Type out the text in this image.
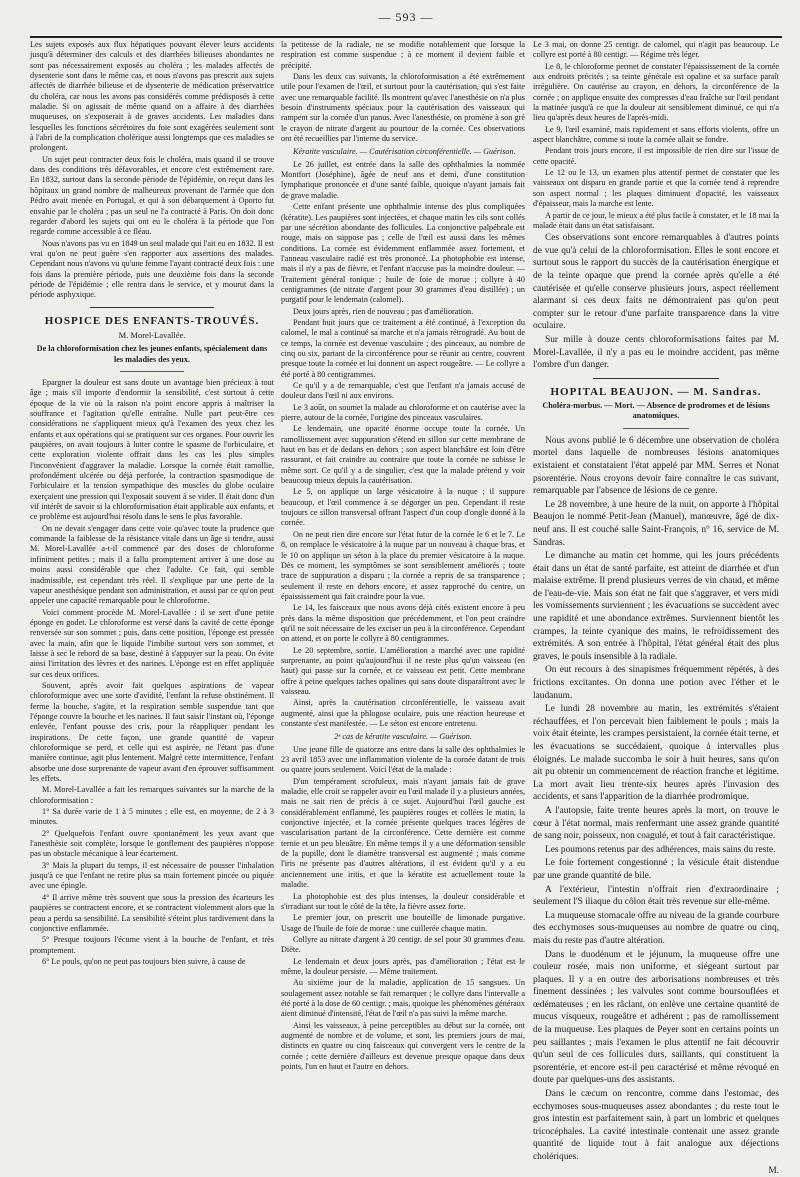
— 593 —

Les sujets exposés aux flux hépatiques pouvant élever leurs accidents jusqu'à déterminer des calculs et des diarrhées bilieuses abondantes ne sont pas nécessairement exposés au choléra ; les malades affectés de dysenterie sont dans le même cas, et nous n'avons pas prescrit aux sujets affectés de diarrhée bilieuse et de dysenterie de médication préservatrice du choléra, car nous les avons pas considérés comme prédisposés à cette maladie. Si on agissait de même quand on a affaire à des diarrhées muqueuses, on s'exposerait à de graves accidents. Les maladies dans lesquelles les fonctions sécrétoires du foie sont exagérées seulement sont à l'abri de la complication cholérique aussi longtemps que ces maladies se prolongent.

Un sujet peut contracter deux fois le choléra, mais quand il se trouve dans des conditions très défavorables, et encore c'est extrêmement rare. En 1832, surtout dans la seconde période de l'épidémie, on reçut dans les hôpitaux un grand nombre de malheureux provenant de l'armée que don Pédro avait menée en Portugal, et qui à son débarquement à Oporto fut envahie par le choléra ; pas un seul ne l'a contracté à Paris. On doit donc regarder d'abord les sujets qui ont eu le choléra à la période que l'on regarde comme accessible à ce fléau.

Nous n'avons pas vu en 1849 un seul malade qui l'ait eu en 1832. Il est vrai qu'on ne peut guère s'en rapporter aux assertions des malades. Cependant nous n'avons vu qu'une femme l'ayant contracté deux fois : une fois dans la première période, puis une deuxième fois dans la seconde période de l'épidémie ; elle rentra dans le service, et y mourut dans la période asphyxique.

HOSPICE DES ENFANTS-TROUVÉS.
M. Morel-Lavallée.
De la chloroformisation chez les jeunes enfants, spécialement dans les maladies des yeux.

Epargner la douleur est sans doute un avantage bien précieux à tout âge ; mais s'il importe d'endormir la sensibilité, c'est surtout à cette époque de la vie où la raison n'a point encore appris à maîtriser la souffrance et l'agitation qu'elle entraîne. Nulle part peut-être ces considérations ne s'appliquent mieux qu'à l'examen des yeux chez les enfants et aux opérations qui se pratiquent sur ces organes. Pour ouvrir les paupières, on avait toujours à lutter contre le spasme de l'orbiculaire, et cette exploration violente offrait dans les cas les plus simples l'inconvénient d'aggraver la maladie. Lorsque la cornée était ramollie, profondément ulcérée ou déjà perforée, la contraction spasmodique de l'orbiculaire et la tension sympathique des muscles du globe oculaire exerçaient une pression qui l'exposait souvent à se vider. Il était donc d'un vif intérêt de savoir si la chloroformisation était applicable aux enfants, et ce problème est aujourd'hui résolu dans le sens le plus favorable.

On ne devait s'engager dans cette voie qu'avec toute la prudence que commande la faiblesse de la résistance vitale dans un âge si tendre, aussi M. Morel-Lavallée a-t-il commencé par des doses de chloroforme infiniment petites ; mais il a fallu promptement arriver à une dose au moins aussi considérable que chez l'adulte. Ce fait, qui semble inadmissible, est cependant très réel. Il s'explique par une perte de la vapeur anesthésique pendant son administration, et aussi par ce qu'on peut appeler une capacité remarquable pour le chloroforme.

Voici comment procède M. Morel-Lavallée : il se sert d'une petite éponge en godet. Le chloroforme est versé dans la cavité de cette éponge renversée sur son sommet ; puis, dans cette position, l'éponge est pressée avec la main, afin que le liquide l'imbibe surtout vers son sommet, et laisse à sec le rebord de sa base, destiné à s'appuyer sur la peau. On évite ainsi l'irritation des lèvres et des narines. L'éponge est en effet appliquée sur ces deux orifices.

Souvent, après avoir fait quelques aspirations de vapeur chloroformique avec une sorte d'avidité, l'enfant la refuse obstinément. Il ferme la bouche, s'agite, et la respiration semble suspendue tant que l'éponge couvre la bouche et les narines. Il faut saisir l'instant où, l'éponge enlevée, l'enfant pousse des cris, pour la réappliquer pendant les inspirations. De cette façon, une grande quantité de vapeur chloroformique se perd, et celle qui est aspirée, ne l'étant pas d'une manière continue, agit plus lentement. Malgré cette intermittence, l'enfant absorbe une dose surprenante de vapeur avant d'en éprouver suffisamment les effets.

M. Morel-Lavallée a fait les remarques suivantes sur la marche de la chloroformisation :

1° Sa durée varie de 1 à 5 minutes ; elle est, en moyenne, de 2 à 3 minutes.

2° Quelquefois l'enfant ouvre spontanément les yeux avant que l'anesthésie soit complète, lorsque le gonflement des paupières n'oppose pas un obstacle mécanique à leur écartement.

3° Mais la plupart du temps, il est nécessaire de pousser l'inhalation jusqu'à ce que l'enfant ne retire plus sa main fortement pincée ou piquée avec une épingle.

4° Il arrive même très souvent que sous la pression des écarteurs les paupières se contractent encore, et se contractent violemment alors que la peau a perdu sa sensibilité. La sensibilité s'éteint plus tardivement dans la conjonctive enflammée.

5° Presque toujours l'écume vient à la bouche de l'enfant, et très promptement.

6° Le pouls, qu'on ne peut pas toujours bien suivre, à cause de

la petitesse de la radiale, ne se modifie notablement que lorsque la respiration est comme suspendue ; à ce moment il devient faible et précipité.

Dans les deux cas suivants, la chloroformisation a été extrêmement utile pour l'examen de l'œil, et surtout pour la cautérisation, qui s'est faite avec une remarquable facilité. Ils montrent qu'avec l'anesthésie on n'a plus besoin d'instruments spéciaux pour la cautérisation des vaisseaux qui rampent sur la cornée d'un panus. Avec l'anesthésie, on promène à son gré le crayon de nitrate d'argent au pourtour de la cornée. Ces observations ont été recueillies par l'interne du service.

Kératite vasculaire. — Cautérisation circonférentielle. — Guérison.

Le 26 juillet, est entrée dans la salle des ophthalmies la nommée Montfort (Joséphine), âgée de neuf ans et demi, d'une constitution lymphatique prononcée et d'une santé faible, quoique n'ayant jamais fait de grave maladie.

Cette enfant présente une ophthalmie intense des plus compliquées (kératite). Les paupières sont injectées, et chaque matin les cils sont collés par une sécrétion abondante des follicules. La conjonctive palpébrale est rouge, mais on suppose pas ; celle de l'œil est aussi dans les mêmes conditions. La cornée est évidemment enflammée assez fortement, et l'anneau vasculaire radié est très prononcé. La photophobie est intense, mais il n'y a pas de fièvre, et l'enfant n'accuse pas la moindre douleur. — Traitement général tonique ; huile de foie de morue ; collyre à 40 centigrammes (de nitrate d'argent pour 30 grammes d'eau distillée) ; un purgatif pour le lendemain (calomel).

Deux jours après, rien de nouveau ; pas d'amélioration.

Pendant huit jours que ce traitement a été continué, à l'exception du calomel, le mal a continué sa marche et n'a jamais rétrogradé. Au bout de ce temps, la cornée est devenue vasculaire ; des pinceaux, au nombre de cinq ou six, partant de la circonférence pour se réunir au centre, couvrent presque toute la cornée et lui donnent un aspect rougeâtre. — Le collyre a été porté à 80 centigrammes.

Ce qu'il y a de remarquable, c'est que l'enfant n'a jamais accusé de douleur dans l'œil ni aux environs.

Le 3 août, on soumet la malade au chloroforme et on cautérise avec la pierre, autour de la cornée, l'origine des pinceaux vasculaires.

Le lendemain, une opacité énorme occupe toute la cornée. Un ramollissement avec suppuration s'étend en sillon sur cette membrane de haut en bas et de dedans en dehors ; son aspect blanchâtre est loin d'être rassurant, et fait craindre au contraire que toute la cornée ne subisse le même sort. Ce qu'il y a de singulier, c'est que la malade prétend y voir beaucoup mieux depuis la cautérisation.

Le 5, on applique un large vésicatoire à la nuque ; il suppure beaucoup, et l'œil commence à se dégorger un peu. Cependant il reste toujours ce sillon transversal offrant l'aspect d'un coup d'ongle donné à la cornée.

On ne peut rien dire encore sur l'état futur de la cornée le 6 et le 7. Le 8, on remplace le vésicatoire à la nuque par un nouveau à chaque bras, et le 10 on applique un séton à la place du premier vésicatoire à la nuque. Dès ce moment, les symptômes se sont sensiblement améliorés ; toute trace de suppuration a disparu ; la cornée a repris de sa transparence ; seulement il reste en dehors encore, et assez rapproché du centre, un épaississement qui fait craindre pour la vue.

Le 14, les faisceaux que nous avons déjà cités existent encore à peu près dans la même disposition que précédemment, et l'on peut craindre qu'il ne soit nécessaire de les exciser un peu à la circonférence. Cependant on attend, et on porte le collyre à 80 centigrammes.

Le 20 septembre, sortie. L'amélioration a marché avec une rapidité surprenante, au point qu'aujourd'hui il ne reste plus qu'un vaisseau (en haut) qui passe sur la cornée, et ce vaisseau est petit. Cette membrane offre à peine quelques taches opalines qui sans doute disparaîtront avec le vaisseau.

Ainsi, après la cautérisation circonférentielle, le vaisseau avait augmenté, ainsi que la phlogose oculaire, puis une réaction heureuse et constante s'est manifestée. — Le séton est encore entretenu.

2ᵉ cas de kératite vasculaire. — Guérison.

Une jeune fille de quatorze ans entre dans la salle des ophthalmies le 23 avril 1853 avec une inflammation violente de la cornée datant de trois ou quatre jours seulement. Voici l'état de la malade :

D'un tempérament scrofuleux, mais n'ayant jamais fait de grave maladie, elle croit se rappeler avoir eu l'œil malade il y a plusieurs années, mais ne sait rien de précis à ce sujet. Aujourd'hui l'œil gauche est considérablement enflammé, les paupières rouges et collées le matin, la conjonctive injectée, et la cornée présente quelques traces légères de vascularisation partant de la circonférence. Cette dernière est comme ternie et un peu bleuâtre. En même temps il y a une déformation sensible de la pupille, dont le diamètre transversal est augmenté ; mais comme l'iris ne présente pas d'autres altérations, il est évident qu'il y a eu anciennement une iritis, et que la kératite est actuellement toute la maladie.

La photophobie est des plus intenses, la douleur considérable et s'irradiant sur tout le côté de la tête, la fièvre assez forte.

Le premier jour, on prescrit une bouteille de limonade purgative. Usage de l'huile de foie de morue : une cuillerée chaque matin.

Collyre au nitrate d'argent à 20 centigr. de sel pour 30 grammes d'eau. Diète.

Le lendemain et deux jours après, pas d'amélioration ; l'état est le même, la douleur persiste. — Même traitement.

Au sixième jour de la maladie, application de 15 sangsues. Un soulagement assez notable se fait remarquer ; le collyre dans l'intervalle a été porté à la dose de 60 centigr. ; mais, quoique les phénomènes généraux aient diminué d'intensité, l'état de l'œil n'a pas suivi la même marche.

Ainsi les vaisseaux, à peine perceptibles au début sur la cornée, ont augmenté de nombre et de volume, et sont, les premiers jours de mai, distincts en quatre ou cinq faisceaux qui convergent vers le centre de la cornée ; cette dernière d'ailleurs est devenue presque opaque dans deux points, l'un en haut et l'autre en dehors.

Le 3 mai, on donne 25 centigr. de calomel, qui n'agit pas beaucoup. Le collyre est porté à 80 centigr. — Régime très léger.

Le 8, le chloroforme permet de constater l'épaississement de la cornée aux endroits précités ; sa teinte générale est opaline et sa surface paraît irrégulière. On cautérise au crayon, en dehors, la circonférence de la cornée ; on applique ensuite des compresses d'eau fraîche sur l'œil pendant la matinée jusqu'à ce que la douleur ait sensiblement diminué, ce qui n'a lieu qu'après deux heures de l'après-midi.

Le 9, l'œil examiné, mais rapidement et sans efforts violents, offre un aspect blanchâtre, comme si toute la cornée allait se fondre.

Pendant trois jours encore, il est impossible de rien dire sur l'issue de cette opacité.

Le 12 ou le 13, un examen plus attentif permet de constater que les vaisseaux ont disparu en grande partie et que la cornée tend à reprendre son aspect normal ; les plaques diminuent d'opacité, les vaisseaux d'épaisseur, mais la marche est lente.

A partir de ce jour, le mieux a été plus facile à constater, et le 18 mai la malade était dans un état satisfaisant.

Ces observations sont encore remarquables à d'autres points de vue qu'à celui de la chloroformisation. Elles le sont encore et surtout sous le rapport du succès de la cautérisation énergique et de la teinte opaque que prend la cornée après qu'elle a été cautérisée et qu'elle conserve plusieurs jours, aspect réellement alarmant si ces deux faits ne démontraient pas qu'on peut compter sur le retour d'une parfaite transparence dans la vitre oculaire.

Sur mille à douze cents chloroformisations faites par M. Morel-Lavallée, il n'y a pas eu le moindre accident, pas même l'ombre d'un danger.

HOPITAL BEAUJON. — M. Sandras.
Choléra-morbus. — Mort. — Absence de prodromes et de lésions anatomiques.

Nous avons publié le 6 décembre une observation de choléra mortel dans laquelle de nombreuses lésions anatomiques existaient et constataient l'état appelé par MM. Serres et Nonat psorentérie. Nous croyons devoir faire connaître le cas suivant, remarquable par l'absence de lésions de ce genre.

Le 28 novembre, à une heure de la nuit, on apporte à l'hôpital Beaujon le nommé Petit-Jean (Manuel), manœuvre, âgé de dix-neuf ans. Il est couché salle Saint-François, n° 16, service de M. Sandras.

Le dimanche au matin cet homme, qui les jours précédents était dans un état de santé parfaite, est atteint de diarrhée et d'un malaise extrême. Il prend plusieurs verres de vin chaud, et même de l'eau-de-vie. Mais son état ne fait que s'aggraver, et vers midi les vomissements surviennent ; les évacuations se succèdent avec une rapidité et une abondance extrêmes. Surviennent bientôt les crampes, la teinte cyanique des mains, le refroidissement des extrémités. A son entrée à l'hôpital, l'état général était des plus graves, le pouls insensible à la radiale.

On eut recours à des sinapismes fréquemment répétés, à des frictions excitantes. On donna une potion avec l'éther et le laudanum.

Le lundi 28 novembre au matin, les extrémités s'étaient réchauffées, et l'on percevait bien faiblement le pouls ; mais la voix était éteinte, les crampes persistaient, la cornée était terne, et les évacuations se succédaient, quoique à intervalles plus éloignés. Le malade succomba le soir à huit heures, sans qu'on ait pu obtenir un commencement de réaction franche et légitime. La mort avait lieu trente-six heures après l'invasion des accidents, et sans l'apparition de la diarrhée prodromique.

A l'autopsie, faite trente heures après la mort, on trouve le cœur à l'état normal, mais renfermant une assez grande quantité de sang noir, poisseux, non coagulé, et tout à fait caractéristique.

Les poumons retenus par des adhérences, mais sains du reste.

Le foie fortement congestionné ; la vésicule était distendue par une grande quantité de bile.

A l'extérieur, l'intestin n'offrait rien d'extraordinaire ; seulement l'S iliaque du côlon était très revenue sur elle-même.

La muqueuse stomacale offre au niveau de la grande courbure des ecchymoses sous-muqueuses au nombre de quatre ou cinq, mais du reste pas d'autre altération.

Dans le duodénum et le jéjunum, la muqueuse offre une couleur rosée, mais non uniforme, et siégeant surtout par plaques. Il y a en outre des arborisations nombreuses et très finement dessinées ; les valvules sont comme boursouflées et œdémateuses ; en les râclant, on enlève une certaine quantité de mucus visqueux, rougeâtre et adhérent ; pas de ramollissement de la muqueuse. Les plaques de Peyer sont en certains points un peu saillantes ; mais l'examen le plus attentif ne fait découvrir qu'un seul de ces follicules durs, saillants, qui constituent la psorentérie, et encore est-il peu caractérisé et même révoqué en doute par quelques-uns des assistants.

Dans le cæcum on rencontre, comme dans l'estomac, des ecchymoses sous-muqueuses assez abondantes ; du reste tout le gros intestin est parfaitement sain, à part un lombric et quelques tricocéphales. La cavité intestinale contenait une assez grande quantité de liquide tout à fait analogue aux déjections cholériques.

M.
